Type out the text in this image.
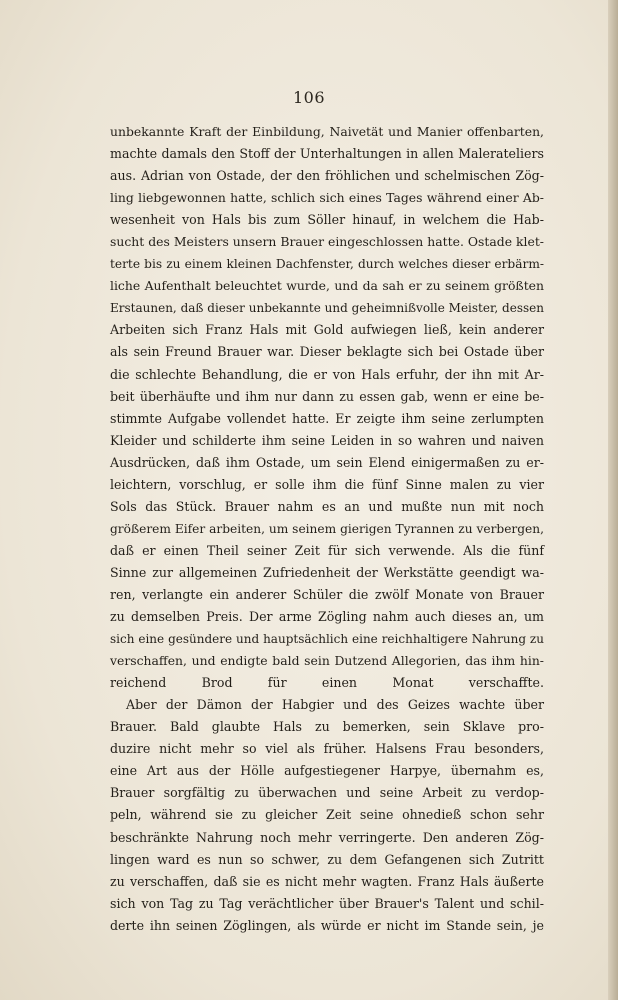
106
unbekannte Kraft der Einbildung, Naivetät und Manier offenbarten,
machte damals den Stoff der Unterhaltungen in allen Malerateliers
aus. Adrian von Ostade, der den fröhlichen und schelmischen Zög-
ling liebgewonnen hatte, schlich sich eines Tages während einer Ab-
wesenheit von Hals bis zum Söller hinauf, in welchem die Hab-
sucht des Meisters unsern Brauer eingeschlossen hatte. Ostade klet-
terte bis zu einem kleinen Dachfenster, durch welches dieser erbärm-
liche Aufenthalt beleuchtet wurde, und da sah er zu seinem größten
Erstaunen, daß dieser unbekannte und geheimnißvolle Meister, dessen
Arbeiten sich Franz Hals mit Gold aufwiegen ließ, kein anderer
als sein Freund Brauer war. Dieser beklagte sich bei Ostade über
die schlechte Behandlung, die er von Hals erfuhr, der ihn mit Ar-
beit überhäufte und ihm nur dann zu essen gab, wenn er eine be-
stimmte Aufgabe vollendet hatte. Er zeigte ihm seine zerlumpten
Kleider und schilderte ihm seine Leiden in so wahren und naiven
Ausdrücken, daß ihm Ostade, um sein Elend einigermaßen zu er-
leichtern, vorschlug, er solle ihm die fünf Sinne malen zu vier
Sols das Stück. Brauer nahm es an und mußte nun mit noch
größerem Eifer arbeiten, um seinem gierigen Tyrannen zu verbergen,
daß er einen Theil seiner Zeit für sich verwende. Als die fünf
Sinne zur allgemeinen Zufriedenheit der Werkstätte geendigt wa-
ren, verlangte ein anderer Schüler die zwölf Monate von Brauer
zu demselben Preis. Der arme Zögling nahm auch dieses an, um
sich eine gesündere und hauptsächlich eine reichhaltigere Nahrung zu
verschaffen, und endigte bald sein Dutzend Allegorien, das ihm hin-
reichend Brod für einen Monat verschaffte.
Aber der Dämon der Habgier und des Geizes wachte über
Brauer. Bald glaubte Hals zu bemerken, sein Sklave pro-
duzire nicht mehr so viel als früher. Halsens Frau besonders,
eine Art aus der Hölle aufgestiegener Harpye, übernahm es,
Brauer sorgfältig zu überwachen und seine Arbeit zu verdop-
peln, während sie zu gleicher Zeit seine ohnedieß schon sehr
beschränkte Nahrung noch mehr verringerte. Den anderen Zög-
lingen ward es nun so schwer, zu dem Gefangenen sich Zutritt
zu verschaffen, daß sie es nicht mehr wagten. Franz Hals äußerte
sich von Tag zu Tag verächtlicher über Brauer's Talent und schil-
derte ihn seinen Zöglingen, als würde er nicht im Stande sein, je
